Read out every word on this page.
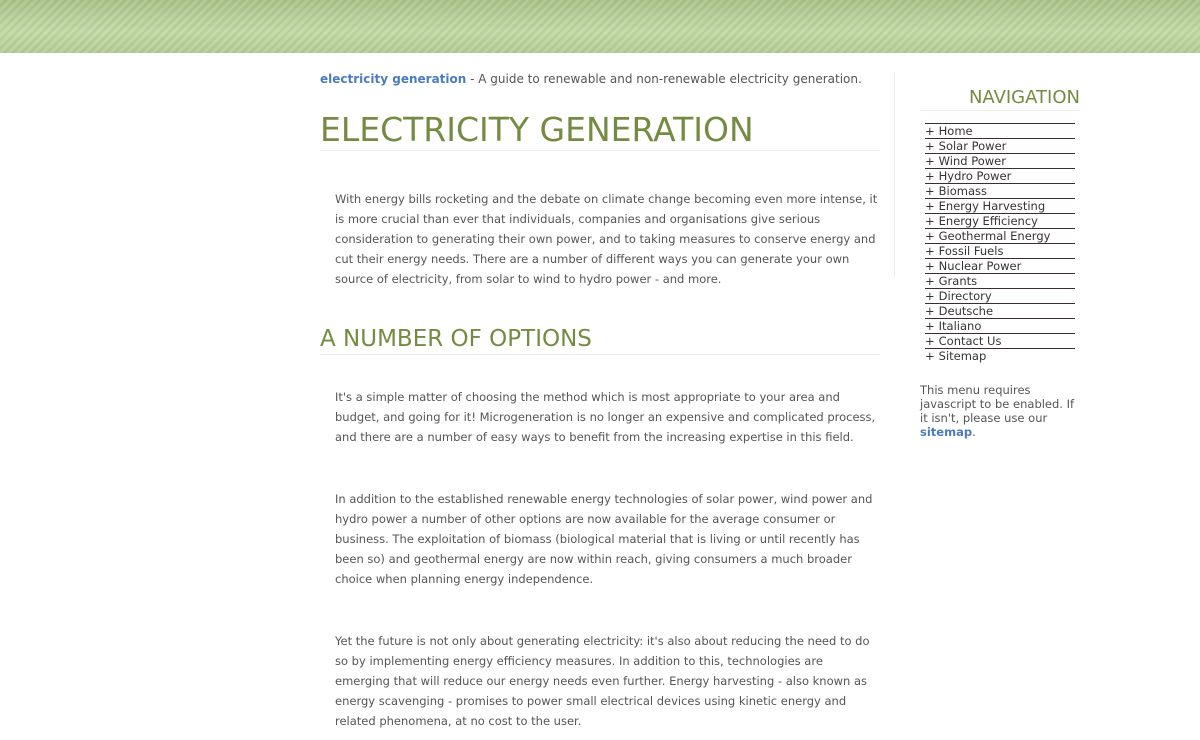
electricity generation - A guide to renewable and non-renewable electricity generation.

ELECTRICITY GENERATION

With energy bills rocketing and the debate on climate change becoming even more intense, it is more crucial than ever that individuals, companies and organisations give serious consideration to generating their own power, and to taking measures to conserve energy and cut their energy needs. There are a number of different ways you can generate your own source of electricity, from solar to wind to hydro power - and more.

A NUMBER OF OPTIONS

It's a simple matter of choosing the method which is most appropriate to your area and budget, and going for it! Microgeneration is no longer an expensive and complicated process, and there are a number of easy ways to benefit from the increasing expertise in this field.

In addition to the established renewable energy technologies of solar power, wind power and hydro power a number of other options are now available for the average consumer or business. The exploitation of biomass (biological material that is living or until recently has been so) and geothermal energy are now within reach, giving consumers a much broader choice when planning energy independence.

Yet the future is not only about generating electricity: it's also about reducing the need to do so by implementing energy efficiency measures. In addition to this, technologies are emerging that will reduce our energy needs even further. Energy harvesting - also known as energy scavenging - promises to power small electrical devices using kinetic energy and related phenomena, at no cost to the user.

NAVIGATION
+ Home
+ Solar Power
+ Wind Power
+ Hydro Power
+ Biomass
+ Energy Harvesting
+ Energy Efficiency
+ Geothermal Energy
+ Fossil Fuels
+ Nuclear Power
+ Grants
+ Directory
+ Deutsche
+ Italiano
+ Contact Us
+ Sitemap
This menu requires javascript to be enabled. If it isn't, please use our sitemap.
